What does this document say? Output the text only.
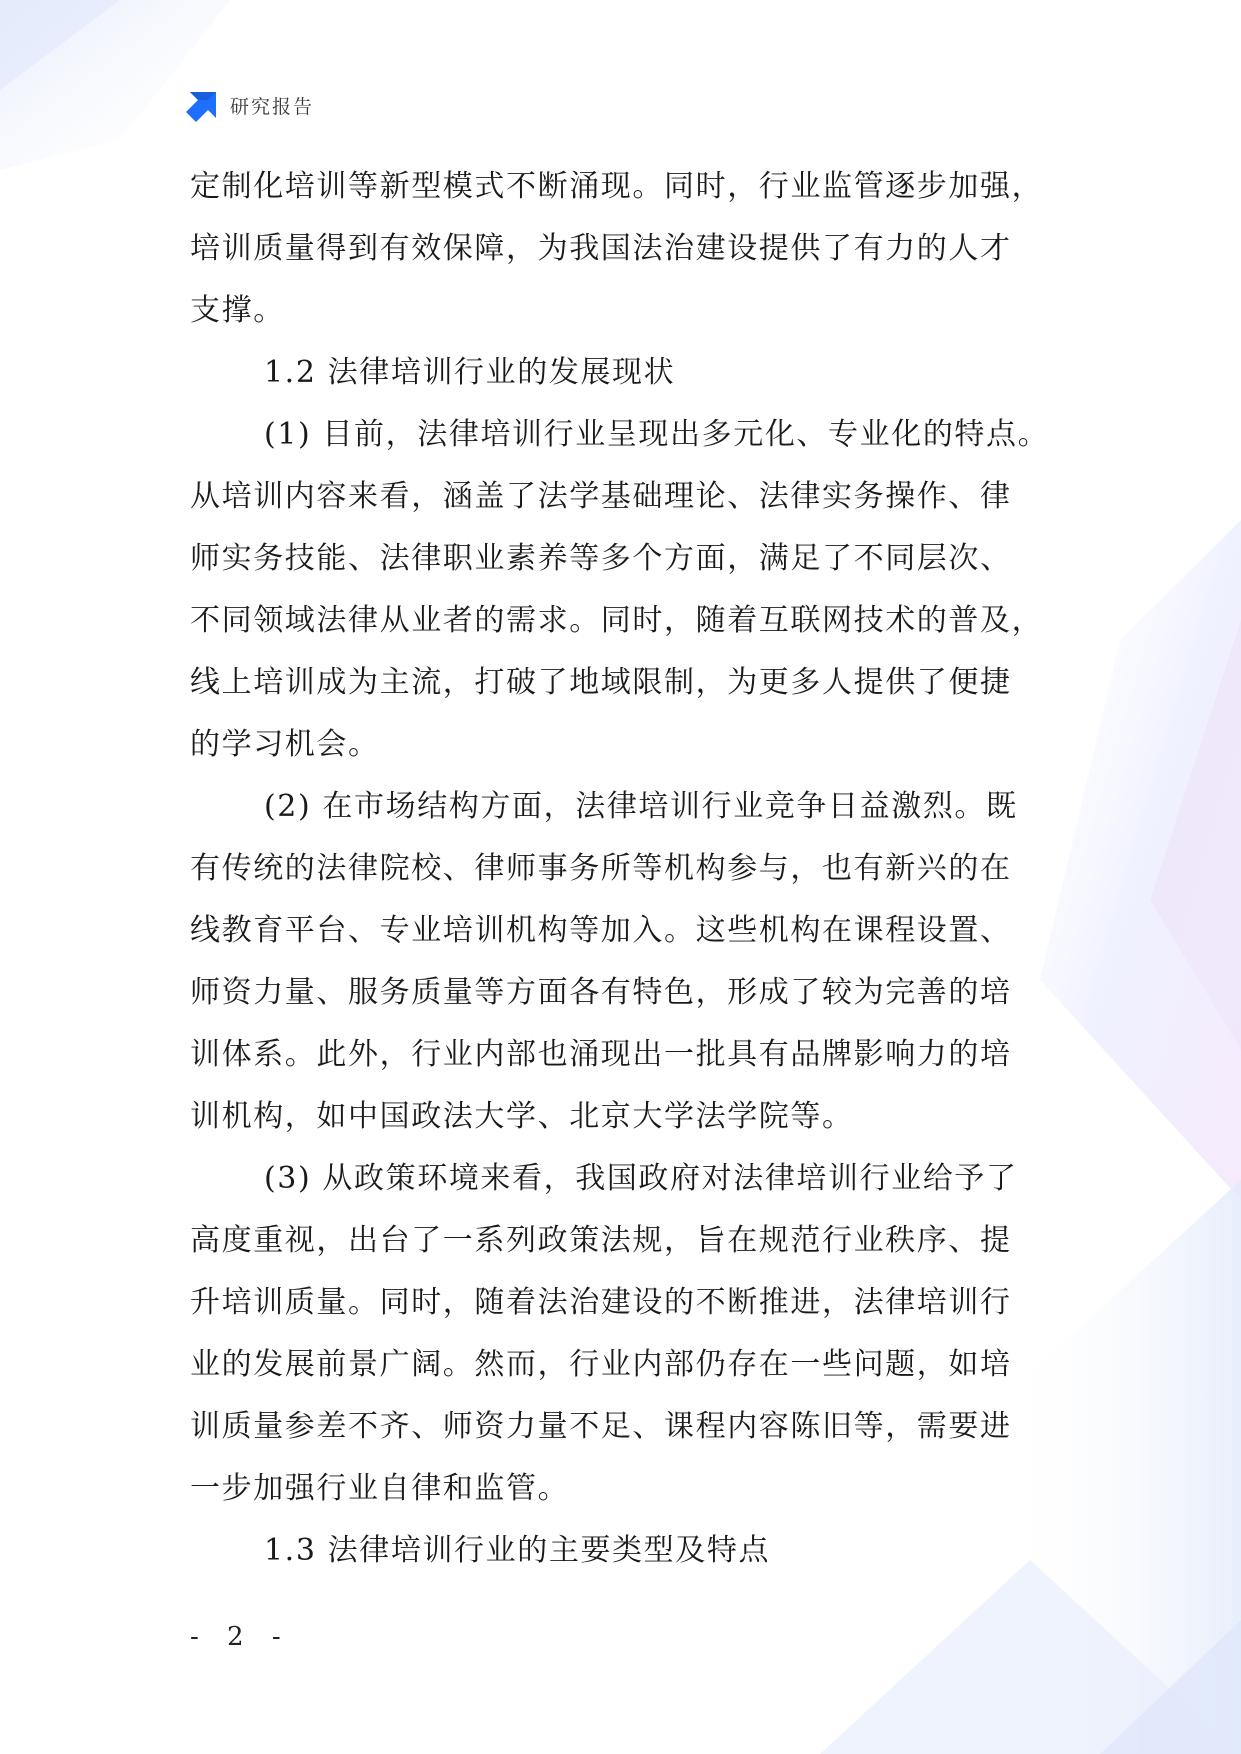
研究报告
定制化培训等新型模式不断涌现。同时，行业监管逐步加强，
培训质量得到有效保障，为我国法治建设提供了有力的人才
支撑。
1.2 法律培训行业的发展现状
(1) 目前，法律培训行业呈现出多元化、专业化的特点。
从培训内容来看，涵盖了法学基础理论、法律实务操作、律
师实务技能、法律职业素养等多个方面，满足了不同层次、
不同领域法律从业者的需求。同时，随着互联网技术的普及，
线上培训成为主流，打破了地域限制，为更多人提供了便捷
的学习机会。
(2) 在市场结构方面，法律培训行业竞争日益激烈。既
有传统的法律院校、律师事务所等机构参与，也有新兴的在
线教育平台、专业培训机构等加入。这些机构在课程设置、
师资力量、服务质量等方面各有特色，形成了较为完善的培
训体系。此外，行业内部也涌现出一批具有品牌影响力的培
训机构，如中国政法大学、北京大学法学院等。
(3) 从政策环境来看，我国政府对法律培训行业给予了
高度重视，出台了一系列政策法规，旨在规范行业秩序、提
升培训质量。同时，随着法治建设的不断推进，法律培训行
业的发展前景广阔。然而，行业内部仍存在一些问题，如培
训质量参差不齐、师资力量不足、课程内容陈旧等，需要进
一步加强行业自律和监管。
1.3 法律培训行业的主要类型及特点
- 2 -
